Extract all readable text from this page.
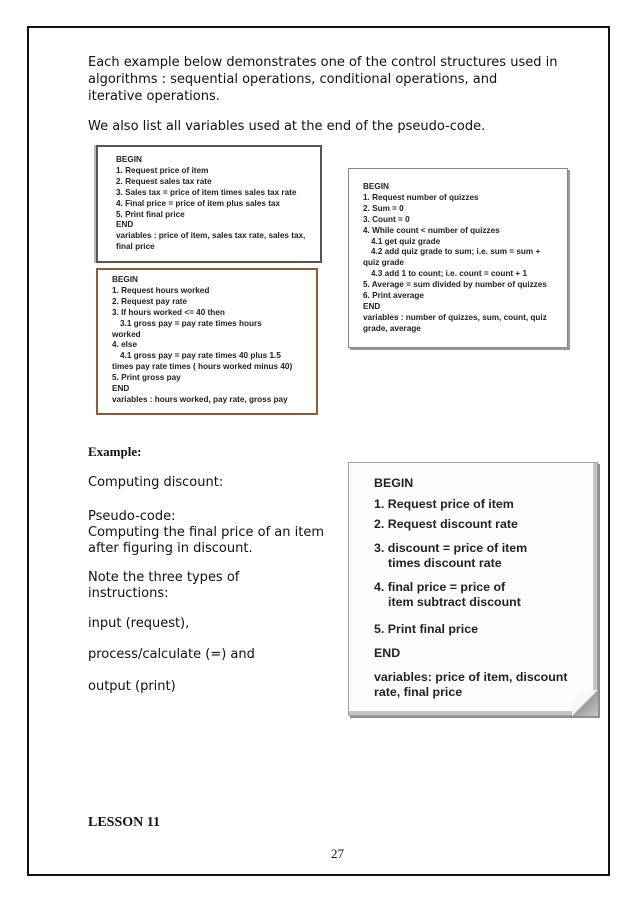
Each example below demonstrates one of the control structures used in

algorithms : sequential operations, conditional operations, and

iterative operations.

We also list all variables used at the end of the pseudo-code.

BEGIN
1. Request price of item
2. Request sales tax rate
3. Sales tax = price of item times sales tax rate
4. Final price = price of item plus sales tax
5. Print final price
END
variables : price of item, sales tax rate, sales tax,
final price
BEGIN
1. Request hours worked
2. Request pay rate
3. If hours worked <= 40 then
3.1 gross pay = pay rate times hours
worked
4. else
4.1 gross pay = pay rate times 40 plus 1.5
times pay rate times ( hours worked minus 40)
5. Print gross pay
END
variables : hours worked, pay rate, gross pay
BEGIN
1. Request number of quizzes
2. Sum = 0
3. Count = 0
4. While count < number of quizzes
4.1 get quiz grade
4.2 add quiz grade to sum; i.e. sum = sum +
quiz grade
4.3 add 1 to count; i.e. count = count + 1
5. Average = sum divided by number of quizzes
6. Print average
END
variables : number of quizzes, sum, count, quiz
grade, average
Example:

Computing discount:

Pseudo-code:

Computing the final price of an item

after figuring in discount.

Note the three types of

instructions:

input (request),

process/calculate (=) and

output (print)

BEGIN
1. Request price of item
2. Request discount rate
3. discount = price of item
times discount rate
4. final price = price of
item subtract discount
5. Print final price
END
variables: price of item, discount
rate, final price
LESSON 11
27
